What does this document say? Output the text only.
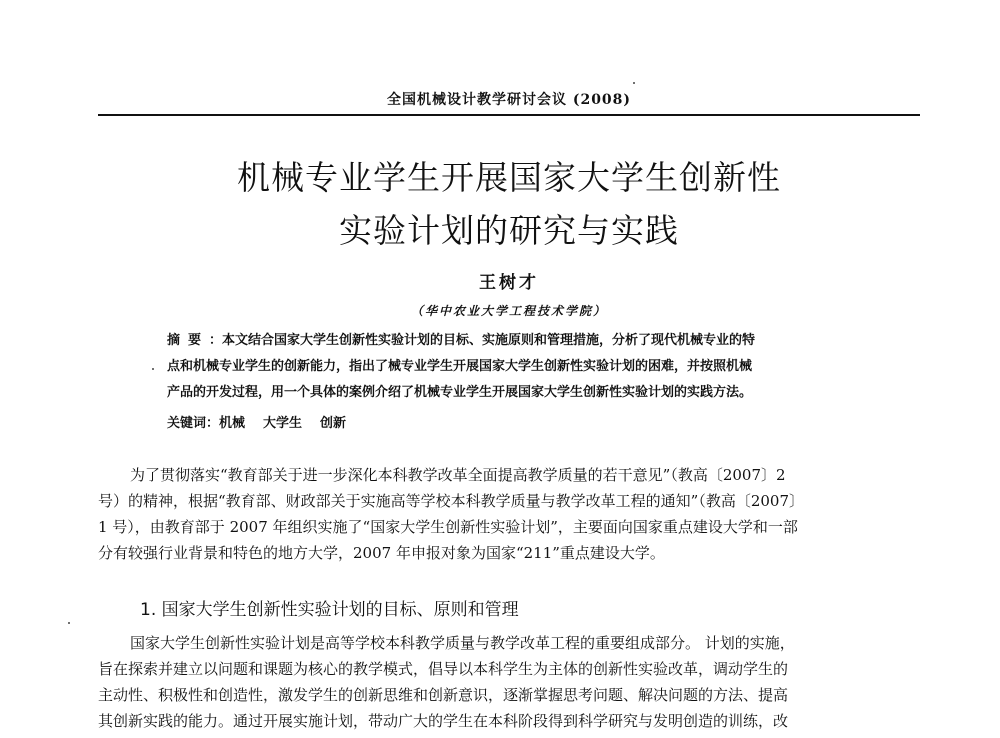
全国机械设计教学研讨会议 (2008)
机械专业学生开展国家大学生创新性
实验计划的研究与实践
王树才
（华中农业大学工程技术学院）
摘要：本文结合国家大学生创新性实验计划的目标、实施原则和管理措施，分析了现代机械专业的特
点和机械专业学生的创新能力，指出了械专业学生开展国家大学生创新性实验计划的困难，并按照机械
产品的开发过程，用一个具体的案例介绍了机械专业学生开展国家大学生创新性实验计划的实践方法。
关键词：机械 大学生 创新
为了贯彻落实“教育部关于进一步深化本科教学改革全面提高教学质量的若干意见”（教高〔2007〕2
号）的精神，根据“教育部、财政部关于实施高等学校本科教学质量与教学改革工程的通知”（教高〔2007〕
1 号），由教育部于 2007 年组织实施了“国家大学生创新性实验计划”，主要面向国家重点建设大学和一部
分有较强行业背景和特色的地方大学，2007 年申报对象为国家“211”重点建设大学。
1. 国家大学生创新性实验计划的目标、原则和管理
国家大学生创新性实验计划是高等学校本科教学质量与教学改革工程的重要组成部分。 计划的实施，
旨在探索并建立以问题和课题为核心的教学模式，倡导以本科学生为主体的创新性实验改革，调动学生的
主动性、积极性和创造性，激发学生的创新思维和创新意识，逐渐掌握思考问题、解决问题的方法、提高
其创新实践的能力。通过开展实施计划，带动广大的学生在本科阶段得到科学研究与发明创造的训练，改
